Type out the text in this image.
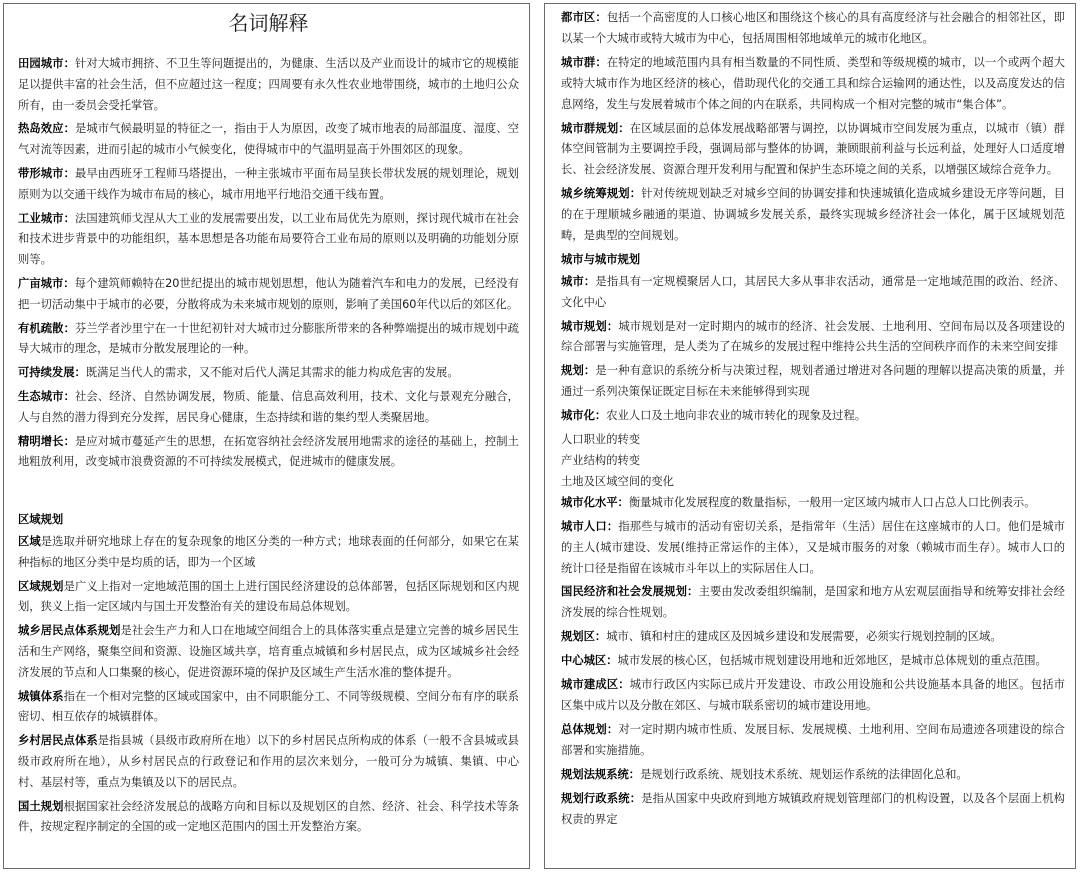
名词解释

田园城市：针对大城市拥挤、不卫生等问题提出的，为健康、生活以及产业而设计的城市它的规模能足以提供丰富的社会生活，但不应超过这一程度；四周要有永久性农业地带围绕，城市的土地归公众所有，由一委员会受托掌管。

热岛效应：是城市气候最明显的特征之一，指由于人为原因，改变了城市地表的局部温度、湿度、空气对流等因素，进而引起的城市小气候变化，使得城市中的气温明显高于外围郊区的现象。

带形城市：最早由西班牙工程师马塔提出，一种主张城市平面布局呈狭长带状发展的规划理论，规划原则为以交通干线作为城市布局的核心，城市用地平行地沿交通干线布置。

工业城市：法国建筑师戈涅从大工业的发展需要出发，以工业布局优先为原则，探讨现代城市在社会和技术进步背景中的功能组织，基本思想是各功能布局要符合工业布局的原则以及明确的功能划分原则等。

广亩城市：每个建筑师赖特在20世纪提出的城市规划思想，他认为随着汽车和电力的发展，已经没有把一切活动集中于城市的必要，分散将成为未来城市规划的原则，影响了美国60年代以后的郊区化。

有机疏散：芬兰学者沙里宁在一十世纪初针对大城市过分膨胀所带来的各种弊端提出的城市规划中疏导大城市的理念，是城市分散发展理论的一种。

可持续发展：既满足当代人的需求，又不能对后代人满足其需求的能力构成危害的发展。

生态城市：社会、经济、自然协调发展，物质、能量、信息高效利用，技术、文化与景观充分融合，人与自然的潜力得到充分发挥，居民身心健康，生态持续和谐的集约型人类聚居地。

精明增长：是应对城市蔓延产生的思想，在拓宽容纳社会经济发展用地需求的途径的基础上，控制土地粗放利用，改变城市浪费资源的不可持续发展模式，促进城市的健康发展。

区域规划

区域是选取并研究地球上存在的复杂现象的地区分类的一种方式；地球表面的任何部分，如果它在某种指标的地区分类中是均质的话，即为一个区域

区域规划是广义上指对一定地域范围的国土上进行国民经济建设的总体部署，包括区际规划和区内规划，狭义上指一定区域内与国土开发整治有关的建设布局总体规划。

城乡居民点体系规划是社会生产力和人口在地域空间组合上的具体落实重点是建立完善的城乡居民生活和生产网络，聚集空间和资源、设施区域共享，培育重点城镇和乡村居民点，成为区域城乡社会经济发展的节点和人口集聚的核心，促进资源环境的保护及区域生产生活水准的整体提升。

城镇体系指在一个相对完整的区域或国家中，由不同职能分工、不同等级规模、空间分布有序的联系密切、相互依存的城镇群体。

乡村居民点体系是指县城（县级市政府所在地）以下的乡村居民点所构成的体系（一般不含县城或县级市政府所在地），从乡村居民点的行政登记和作用的层次来划分，一般可分为城镇、集镇、中心村、基层村等，重点为集镇及以下的居民点。

国土规划根据国家社会经济发展总的战略方向和目标以及规划区的自然、经济、社会、科学技术等条件，按规定程序制定的全国的或一定地区范围内的国土开发整治方案。

都市区：包括一个高密度的人口核心地区和围绕这个核心的具有高度经济与社会融合的相邻社区，即以某一个大城市或特大城市为中心，包括周围相邻地域单元的城市化地区。

城市群：在特定的地域范围内具有相当数量的不同性质、类型和等级规模的城市，以一个或两个超大或特大城市作为地区经济的核心，借助现代化的交通工具和综合运输网的通达性，以及高度发达的信息网络，发生与发展着城市个体之间的内在联系，共同构成一个相对完整的城市“集合体”。

城市群规划：在区域层面的总体发展战略部署与调控，以协调城市空间发展为重点，以城市（镇）群体空间管制为主要调控手段，强调局部与整体的协调，兼顾眼前利益与长远利益，处理好人口适度增长、社会经济发展、资源合理开发利用与配置和保护生态环境之间的关系，以增强区域综合竞争力。

城乡统筹规划：针对传统规划缺乏对城乡空间的协调安排和快速城镇化造成城乡建设无序等问题，目的在于理顺城乡融通的渠道、协调城乡发展关系，最终实现城乡经济社会一体化，属于区域规划范畴，是典型的空间规划。

城市与城市规划

城市：是指具有一定规模聚居人口，其居民大多从事非农活动，通常是一定地域范围的政治、经济、文化中心

城市规划：城市规划是对一定时期内的城市的经济、社会发展、土地利用、空间布局以及各项建设的综合部署与实施管理，是人类为了在城乡的发展过程中维持公共生活的空间秩序而作的未来空间安排

规划：是一种有意识的系统分析与决策过程，规划者通过增进对各问题的理解以提高决策的质量，并通过一系列决策保证既定目标在未来能够得到实现

城市化：农业人口及土地向非农业的城市转化的现象及过程。

人口职业的转变

产业结构的转变

土地及区域空间的变化

城市化水平：衡量城市化发展程度的数量指标，一般用一定区域内城市人口占总人口比例表示。

城市人口：指那些与城市的活动有密切关系，是指常年（生活）居住在这座城市的人口。他们是城市的主人(城市建设、发展(维持正常运作的主体），又是城市服务的对象（赖城市而生存）。城市人口的统计口径是指留在该城市斗年以上的实际居住人口。

国民经济和社会发展规划：主要由发改委组织编制，是国家和地方从宏观层面指导和统筹安排社会经济发展的综合性规划。

规划区：城市、镇和村庄的建成区及因城乡建设和发展需要，必须实行规划控制的区域。

中心城区：城市发展的核心区，包括城市规划建设用地和近郊地区，是城市总体规划的重点范围。

城市建成区：城市行政区内实际已成片开发建设、市政公用设施和公共设施基本具备的地区。包括市区集中成片以及分散在郊区、与城市联系密切的城市建设用地。

总体规划：对一定时期内城市性质、发展目标、发展规模、土地利用、空间布局遗迹各项建设的综合部署和实施措施。

规划法规系统：是规划行政系统、规划技术系统、规划运作系统的法律固化总和。

规划行政系统：是指从国家中央政府到地方城镇政府规划管理部门的机构设置，以及各个层面上机构权责的界定
